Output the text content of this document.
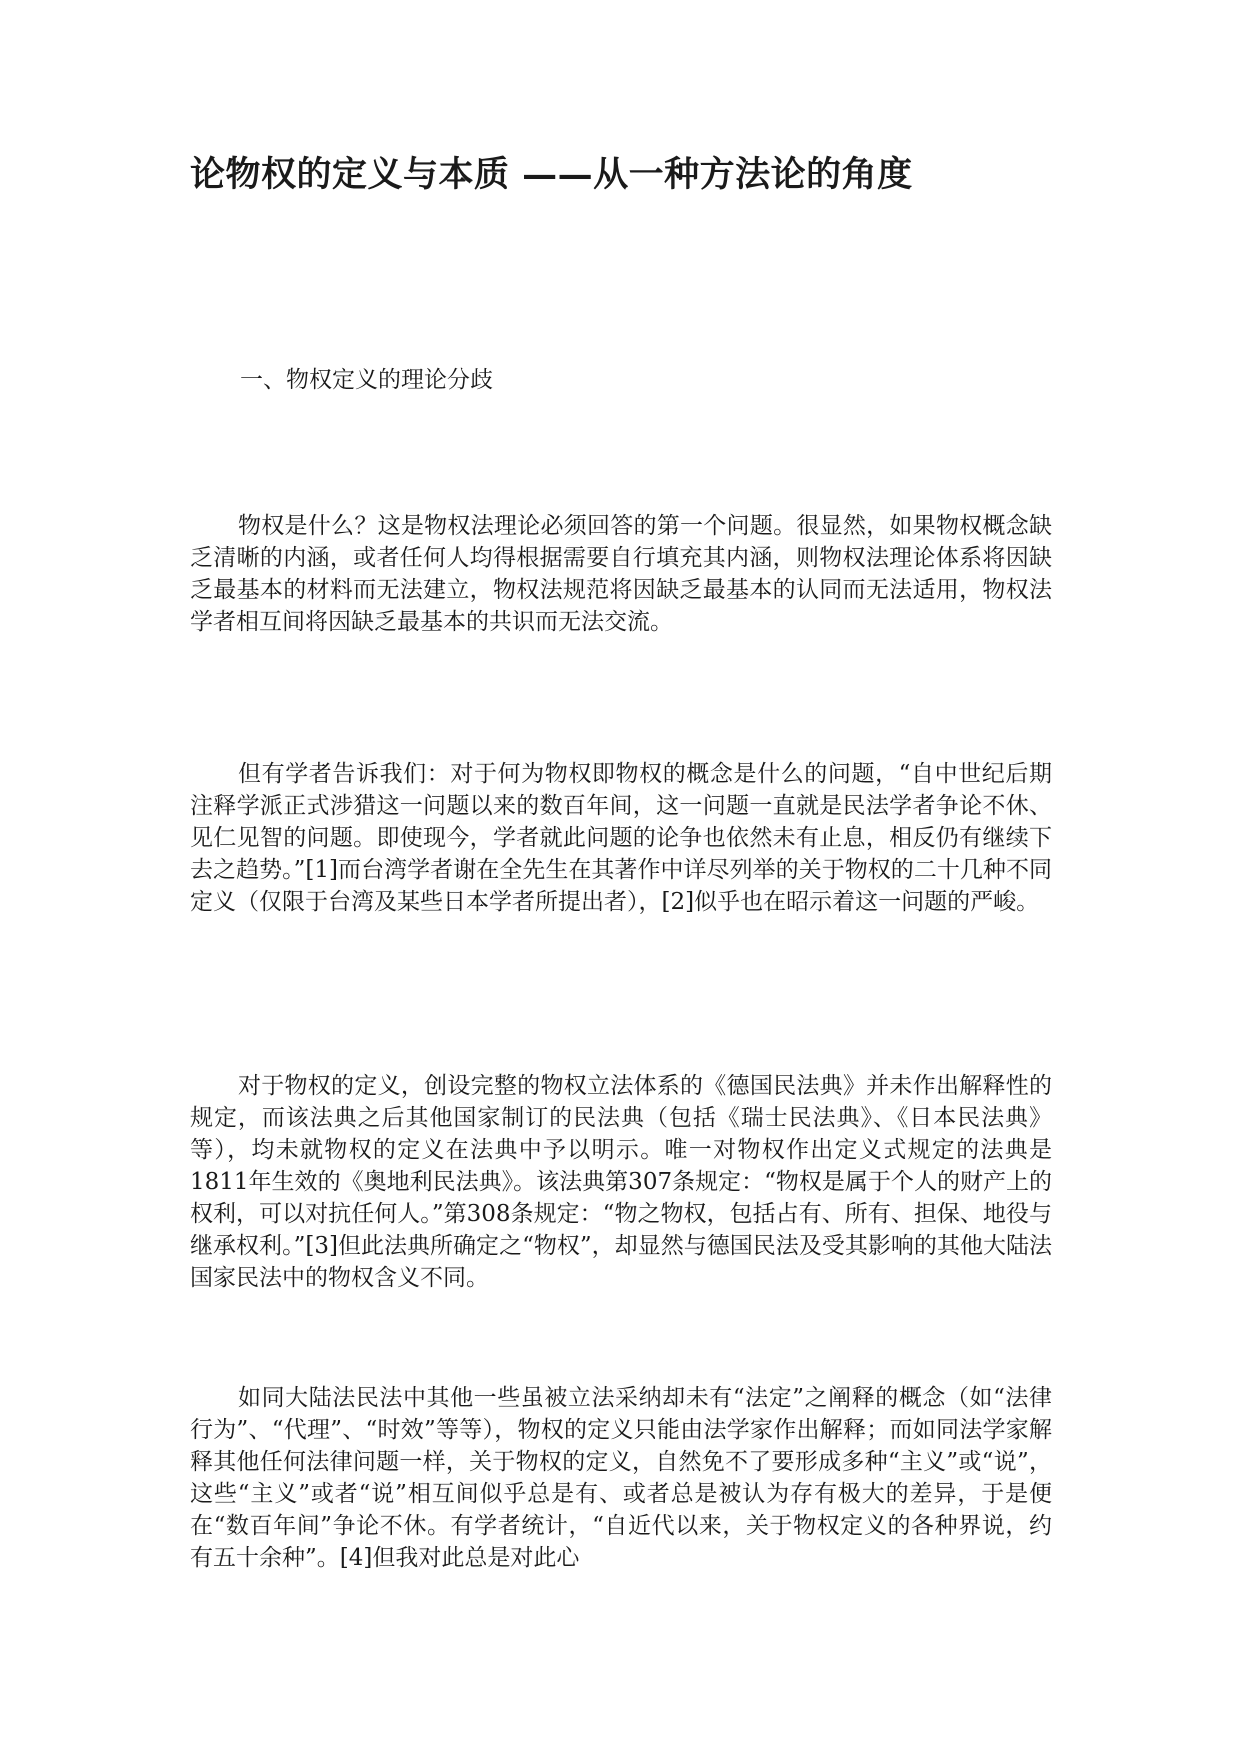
论物权的定义与本质 ——从一种方法论的角度
一、物权定义的理论分歧

物权是什么？这是物权法理论必须回答的第一个问题。很显然，如果物权概念缺乏清晰的内涵，或者任何人均得根据需要自行填充其内涵，则物权法理论体系将因缺乏最基本的材料而无法建立，物权法规范将因缺乏最基本的认同而无法适用，物权法学者相互间将因缺乏最基本的共识而无法交流。

但有学者告诉我们：对于何为物权即物权的概念是什么的问题，“自中世纪后期注释学派正式涉猎这一问题以来的数百年间，这一问题一直就是民法学者争论不休、见仁见智的问题。即使现今，学者就此问题的论争也依然未有止息，相反仍有继续下去之趋势。”[1]而台湾学者谢在全先生在其著作中详尽列举的关于物权的二十几种不同定义（仅限于台湾及某些日本学者所提出者），[2]似乎也在昭示着这一问题的严峻。

对于物权的定义，创设完整的物权立法体系的《德国民法典》并未作出解释性的规定，而该法典之后其他国家制订的民法典（包括《瑞士民法典》、《日本民法典》等），均未就物权的定义在法典中予以明示。唯一对物权作出定义式规定的法典是1811年生效的《奥地利民法典》。该法典第307条规定：“物权是属于个人的财产上的权利，可以对抗任何人。”第308条规定：“物之物权，包括占有、所有、担保、地役与继承权利。”[3]但此法典所确定之“物权”，却显然与德国民法及受其影响的其他大陆法国家民法中的物权含义不同。

如同大陆法民法中其他一些虽被立法采纳却未有“法定”之阐释的概念（如“法律行为”、“代理”、“时效”等等），物权的定义只能由法学家作出解释；而如同法学家解释其他任何法律问题一样，关于物权的定义，自然免不了要形成多种“主义”或“说”，这些“主义”或者“说”相互间似乎总是有、或者总是被认为存有极大的差异，于是便在“数百年间”争论不休。有学者统计，“自近代以来，关于物权定义的各种界说，约有五十余种”。[4]但我对此总是对此心
